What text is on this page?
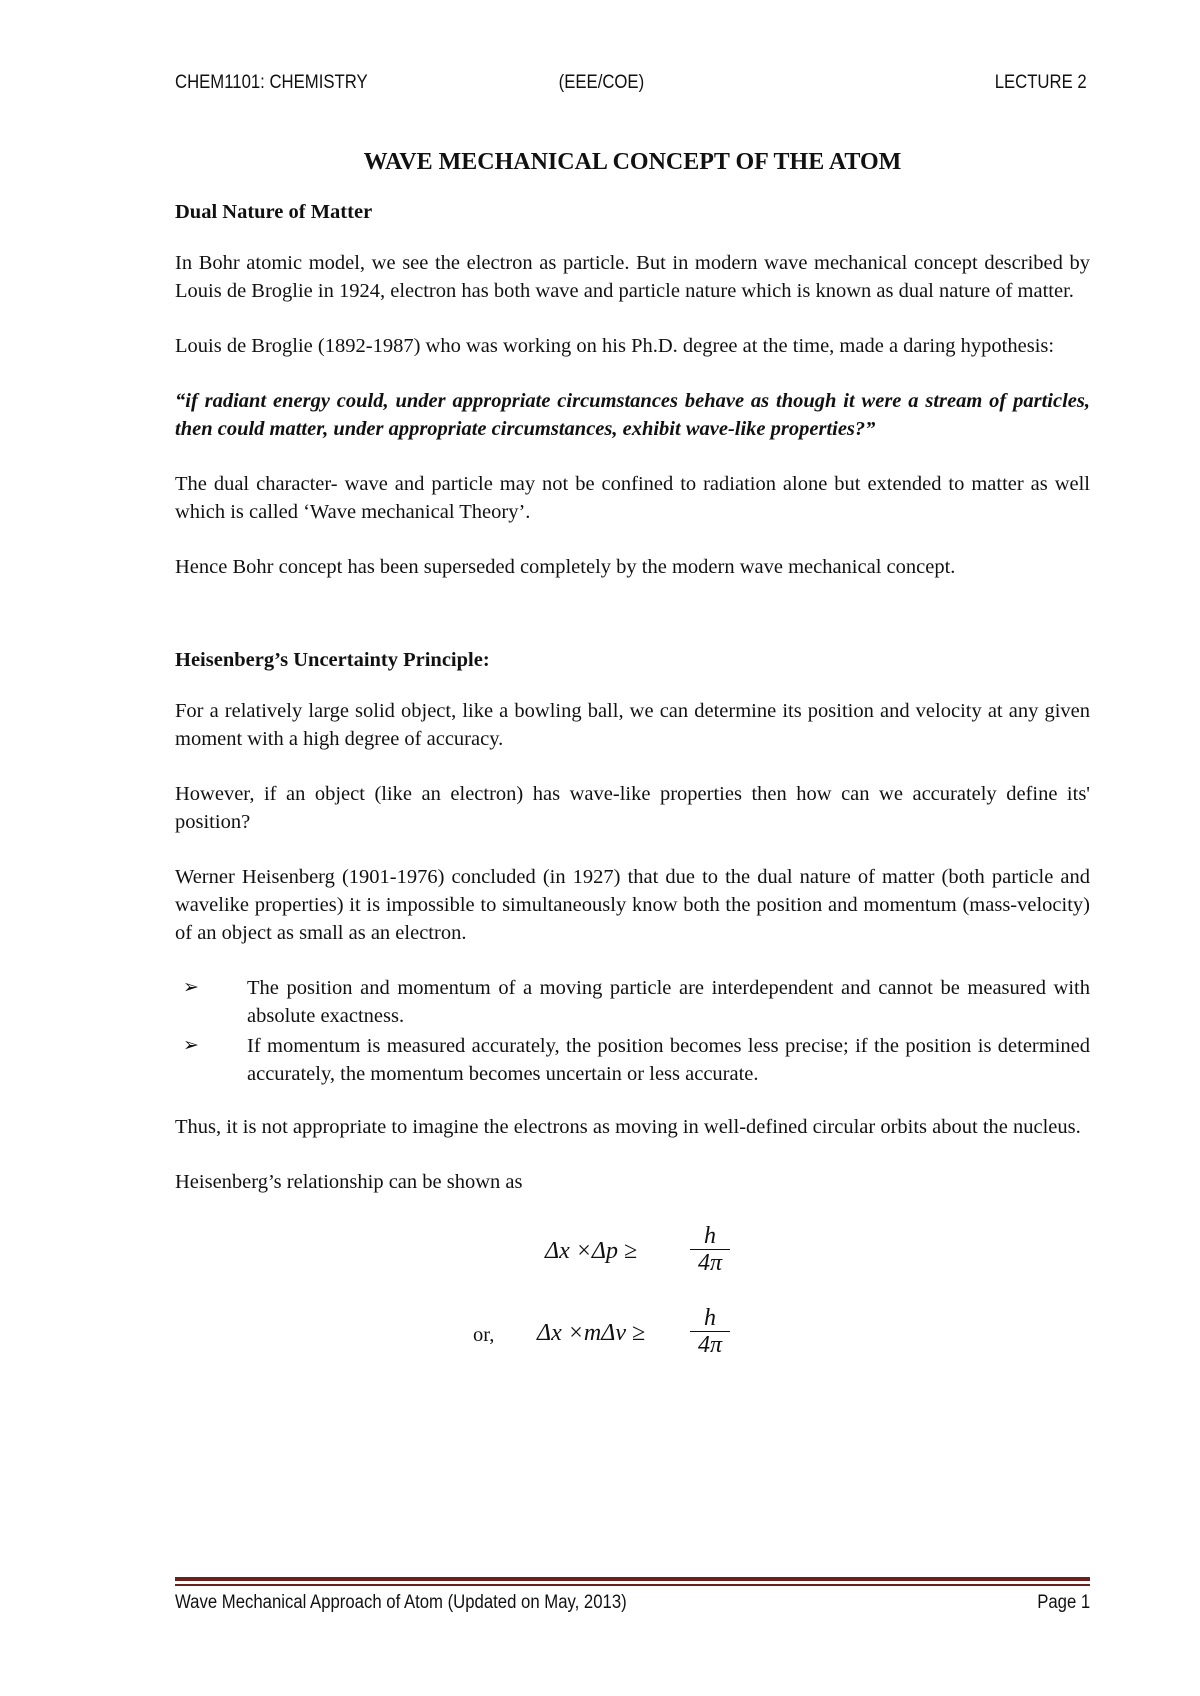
CHEM1101: CHEMISTRY	(EEE/COE)	LECTURE 2
WAVE MECHANICAL CONCEPT OF THE ATOM
Dual Nature of Matter

In Bohr atomic model, we see the electron as particle. But in modern wave mechanical concept described by Louis de Broglie in 1924, electron has both wave and particle nature which is known as dual nature of matter.

Louis de Broglie (1892-1987) who was working on his Ph.D. degree at the time, made a daring hypothesis:

“if radiant energy could, under appropriate circumstances behave as though it were a stream of particles, then could matter, under appropriate circumstances, exhibit wave-like properties?”

The dual character- wave and particle may not be confined to radiation alone but extended to matter as well which is called ‘Wave mechanical Theory’.

Hence Bohr concept has been superseded completely by the modern wave mechanical concept.

Heisenberg’s Uncertainty Principle:

For a relatively large solid object, like a bowling ball, we can determine its position and velocity at any given moment with a high degree of accuracy.

However, if an object (like an electron) has wave-like properties then how can we accurately define its' position?

Werner Heisenberg (1901-1976) concluded (in 1927) that due to the dual nature of matter (both particle and wavelike properties) it is impossible to simultaneously know both the position and momentum (mass-velocity) of an object as small as an electron.

➢ The position and momentum of a moving particle are interdependent and cannot be measured with absolute exactness.
➢ If momentum is measured accurately, the position becomes less precise; if the position is determined accurately, the momentum becomes uncertain or less accurate.

Thus, it is not appropriate to imagine the electrons as moving in well-defined circular orbits about the nucleus.

Heisenberg’s relationship can be shown as

$\Delta x \times\Delta p \ge \frac{h}{4\pi}$
or, $\Delta x \times m\Delta v \ge \frac{h}{4\pi}$
Wave Mechanical Approach of Atom (Updated on May, 2013)	Page 1
